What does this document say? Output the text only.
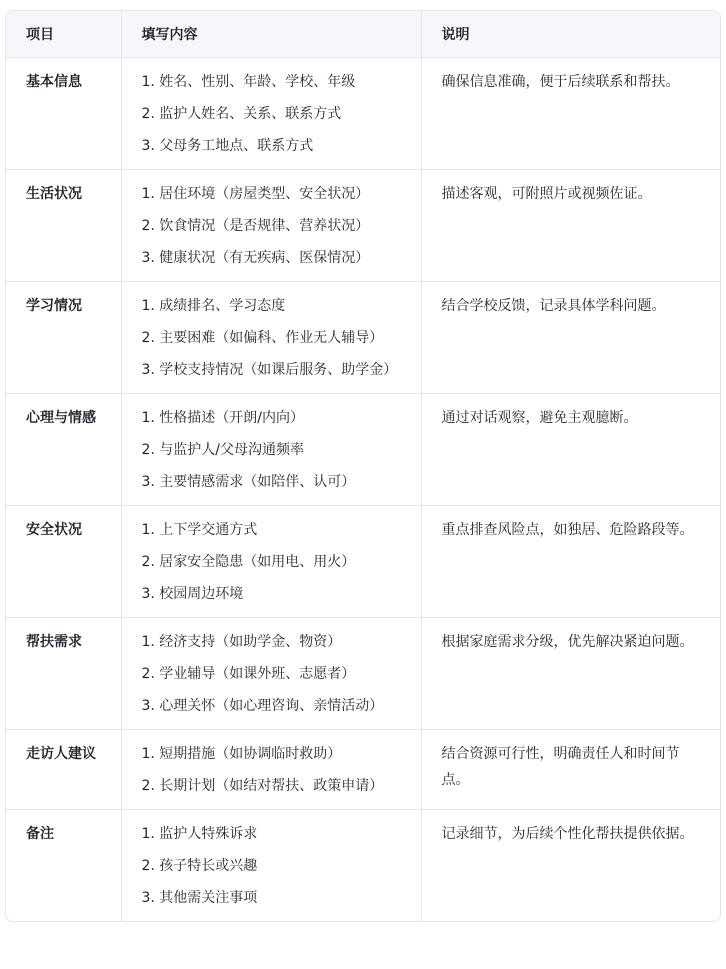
项目	填写内容	说明
基本信息	1. 姓名、性别、年龄、学校、年级
2. 监护人姓名、关系、联系方式
3. 父母务工地点、联系方式	确保信息准确，便于后续联系和帮扶。
生活状况	1. 居住环境（房屋类型、安全状况）
2. 饮食情况（是否规律、营养状况）
3. 健康状况（有无疾病、医保情况）	描述客观，可附照片或视频佐证。
学习情况	1. 成绩排名、学习态度
2. 主要困难（如偏科、作业无人辅导）
3. 学校支持情况（如课后服务、助学金）	结合学校反馈，记录具体学科问题。
心理与情感	1. 性格描述（开朗/内向）
2. 与监护人/父母沟通频率
3. 主要情感需求（如陪伴、认可）	通过对话观察，避免主观臆断。
安全状况	1. 上下学交通方式
2. 居家安全隐患（如用电、用火）
3. 校园周边环境	重点排查风险点，如独居、危险路段等。
帮扶需求	1. 经济支持（如助学金、物资）
2. 学业辅导（如课外班、志愿者）
3. 心理关怀（如心理咨询、亲情活动）	根据家庭需求分级，优先解决紧迫问题。
走访人建议	1. 短期措施（如协调临时救助）
2. 长期计划（如结对帮扶、政策申请）	结合资源可行性，明确责任人和时间节点。
备注	1. 监护人特殊诉求
2. 孩子特长或兴趣
3. 其他需关注事项	记录细节，为后续个性化帮扶提供依据。
